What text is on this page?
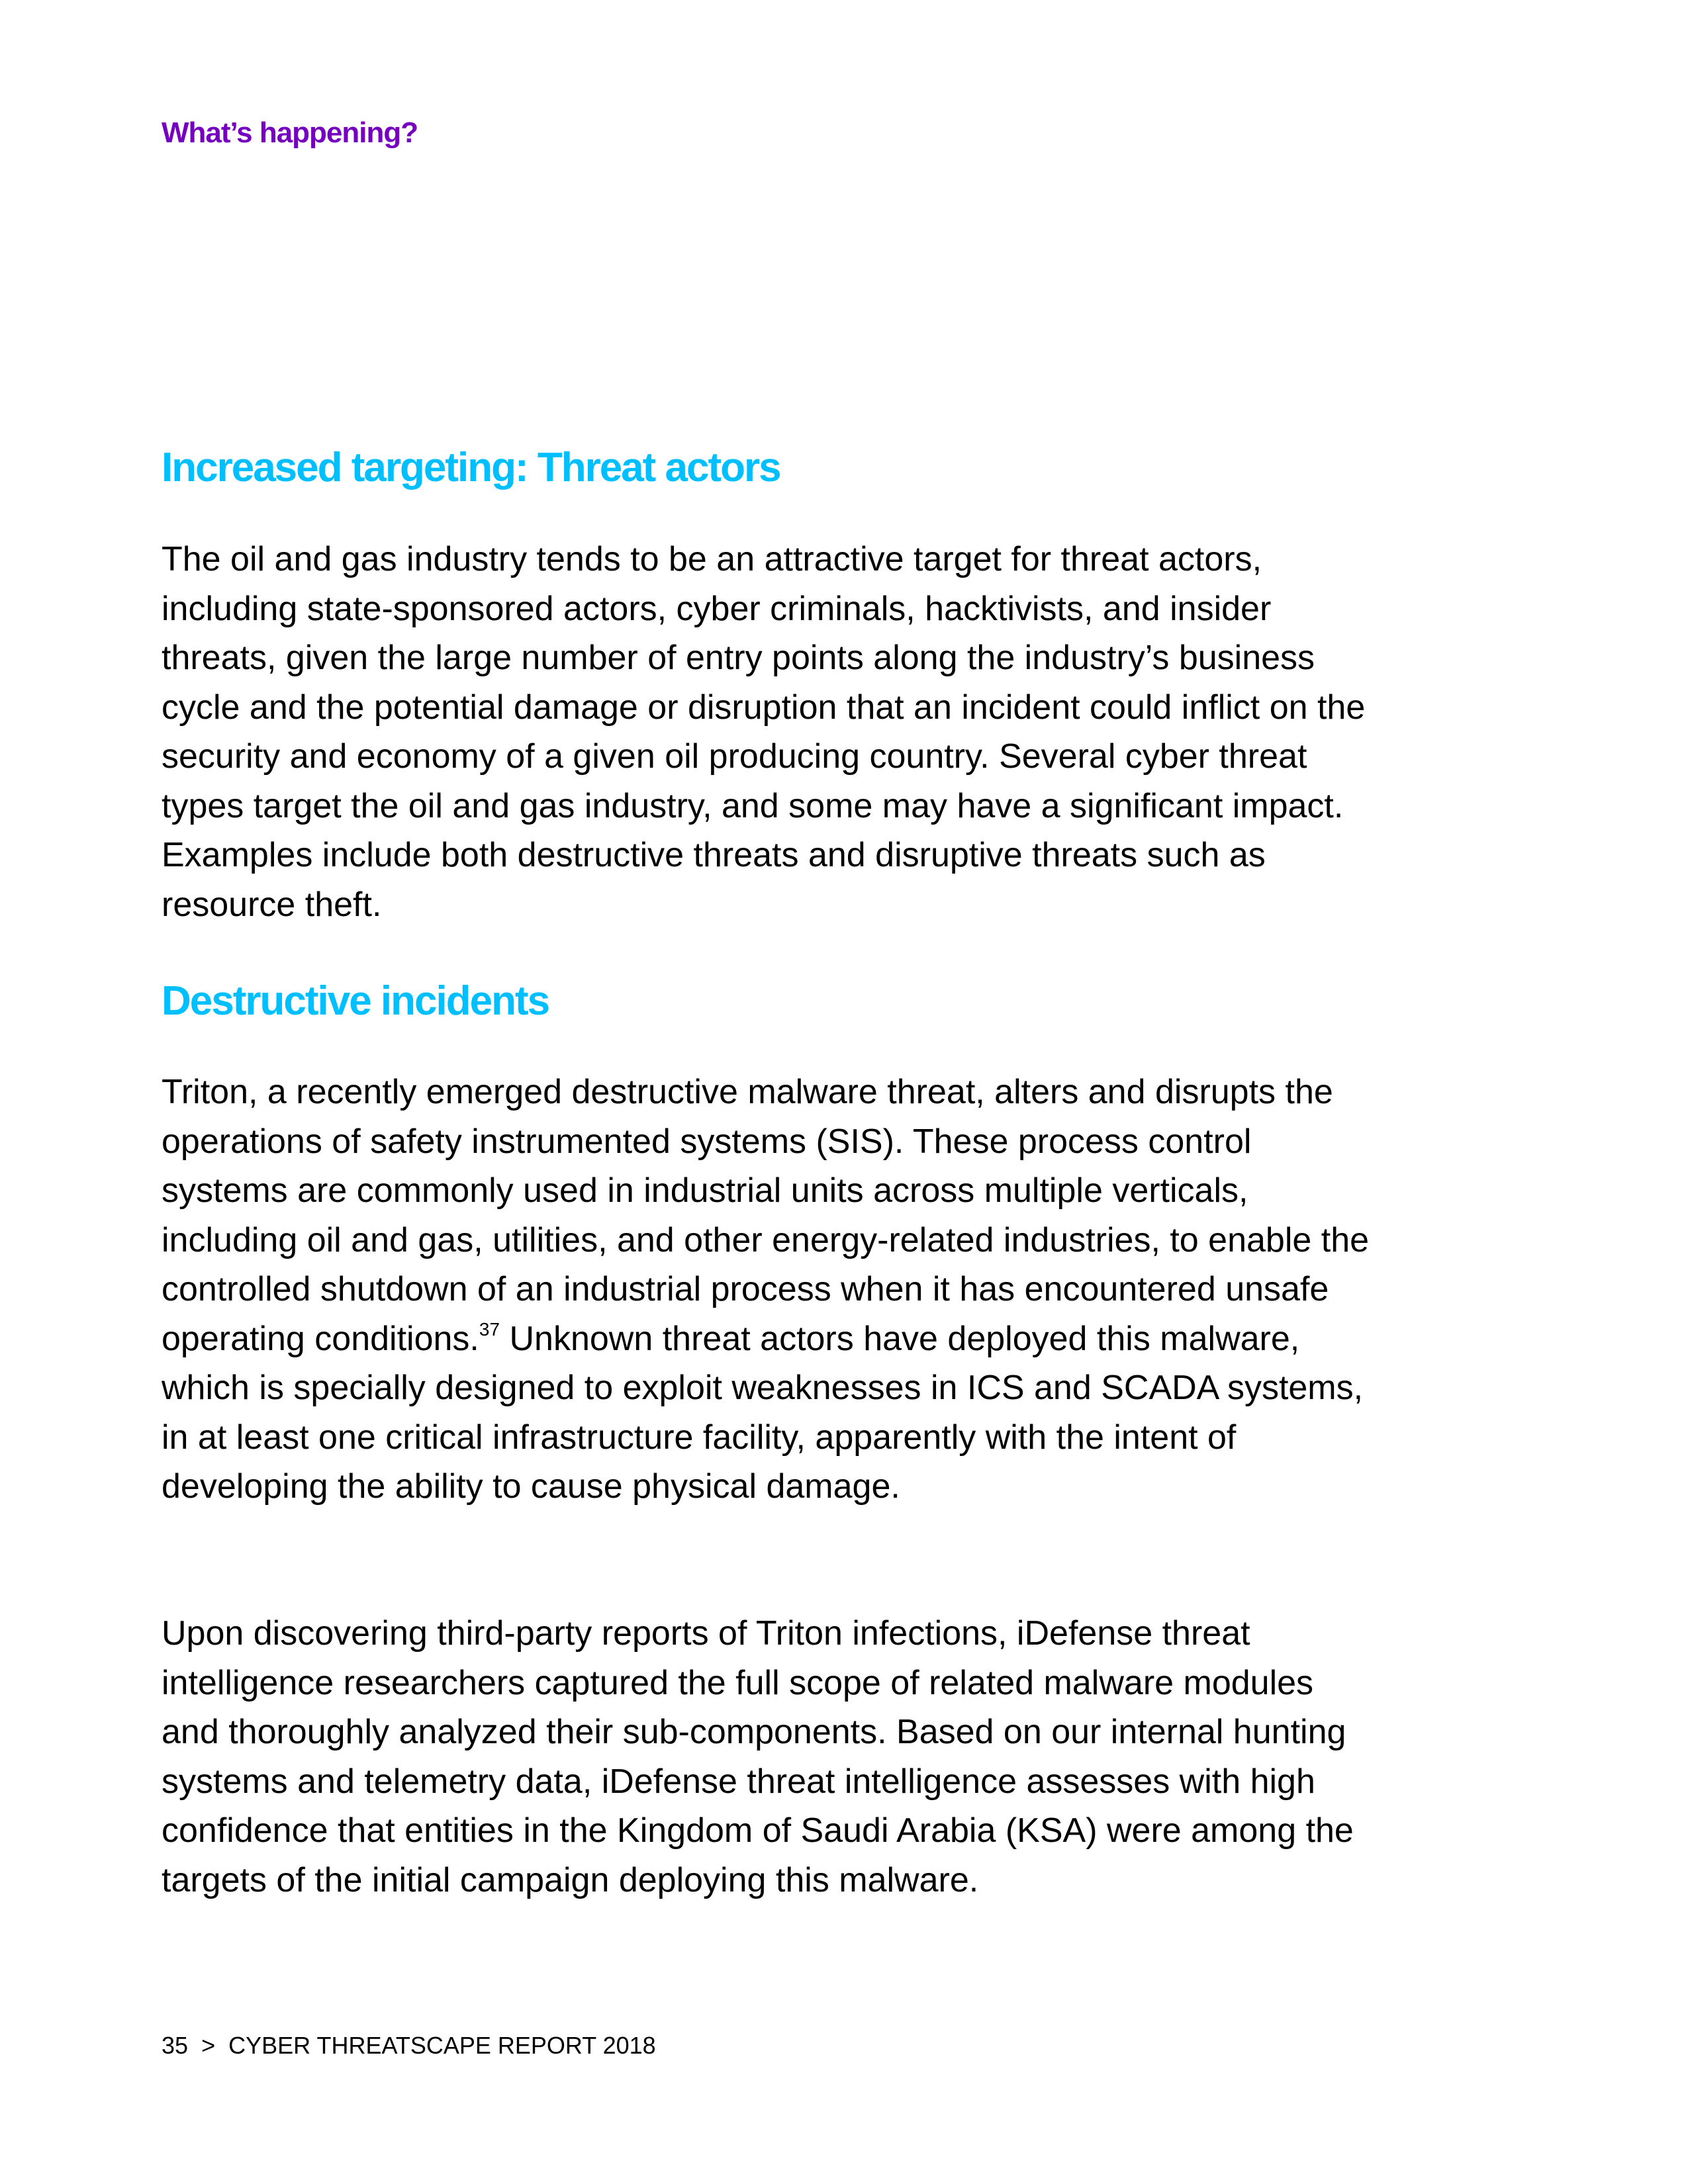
What’s happening?

Increased targeting: Threat actors

The oil and gas industry tends to be an attractive target for threat actors, including state-sponsored actors, cyber criminals, hacktivists, and insider threats, given the large number of entry points along the industry’s business cycle and the potential damage or disruption that an incident could inflict on the security and economy of a given oil producing country. Several cyber threat types target the oil and gas industry, and some may have a significant impact. Examples include both destructive threats and disruptive threats such as resource theft.

Destructive incidents

Triton, a recently emerged destructive malware threat, alters and disrupts the operations of safety instrumented systems (SIS). These process control systems are commonly used in industrial units across multiple verticals, including oil and gas, utilities, and other energy-related industries, to enable the controlled shutdown of an industrial process when it has encountered unsafe operating conditions.$^{37}$ Unknown threat actors have deployed this malware, which is specially designed to exploit weaknesses in ICS and SCADA systems, in at least one critical infrastructure facility, apparently with the intent of developing the ability to cause physical damage.

Upon discovering third-party reports of Triton infections, iDefense threat intelligence researchers captured the full scope of related malware modules and thoroughly analyzed their sub-components. Based on our internal hunting systems and telemetry data, iDefense threat intelligence assesses with high confidence that entities in the Kingdom of Saudi Arabia (KSA) were among the targets of the initial campaign deploying this malware.

35 > CYBER THREATSCAPE REPORT 2018
